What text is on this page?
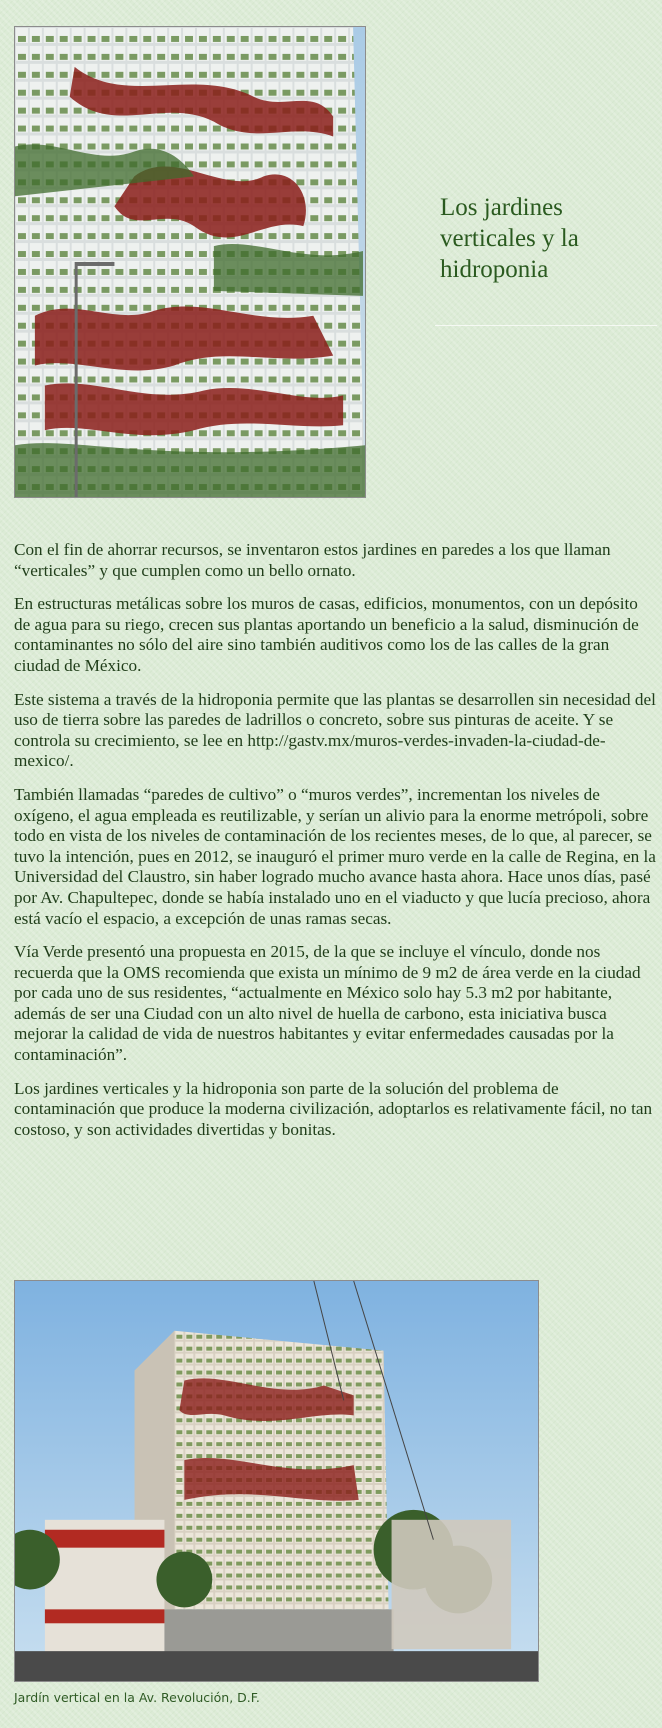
Los jardines verticales y la hidroponia

Con el fin de ahorrar recursos, se inventaron estos jardines en paredes a los que llaman “verticales” y que cumplen como un bello ornato.

En estructuras metálicas sobre los muros de casas, edificios, monumentos, con un depósito de agua para su riego, crecen sus plantas aportando un beneficio a la salud, disminución de contaminantes no sólo del aire sino también auditivos como los de las calles de la gran ciudad de México.

Este sistema a través de la hidroponia permite que las plantas se desarrollen sin necesidad del uso de tierra sobre las paredes de ladrillos o concreto, sobre sus pinturas de aceite. Y se controla su crecimiento, se lee en http://gastv.mx/muros-verdes-invaden-la-ciudad-de-mexico/.

También llamadas “paredes de cultivo” o “muros verdes”, incrementan los niveles de oxígeno, el agua empleada es reutilizable, y serían un alivio para la enorme metrópoli, sobre todo en vista de los niveles de contaminación de los recientes meses, de lo que, al parecer, se tuvo la intención, pues en 2012, se inauguró el primer muro verde en la calle de Regina, en la Universidad del Claustro, sin haber logrado mucho avance hasta ahora. Hace unos días, pasé por Av. Chapultepec, donde se había instalado uno en el viaducto y que lucía precioso, ahora está vacío el espacio, a excepción de unas ramas secas.

Vía Verde presentó una propuesta en 2015, de la que se incluye el vínculo, donde nos recuerda que la OMS recomienda que exista un mínimo de 9 m2 de área verde en la ciudad por cada uno de sus residentes, “actualmente en México solo hay 5.3 m2 por habitante, además de ser una Ciudad con un alto nivel de huella de carbono, esta iniciativa busca mejorar la calidad de vida de nuestros habitantes y evitar enfermedades causadas por la contaminación”.

Los jardines verticales y la hidroponia son parte de la solución del problema de contaminación que produce la moderna civilización, adoptarlos es relativamente fácil, no tan costoso, y son actividades divertidas y bonitas.

Jardín vertical en la Av. Revolución, D.F.
